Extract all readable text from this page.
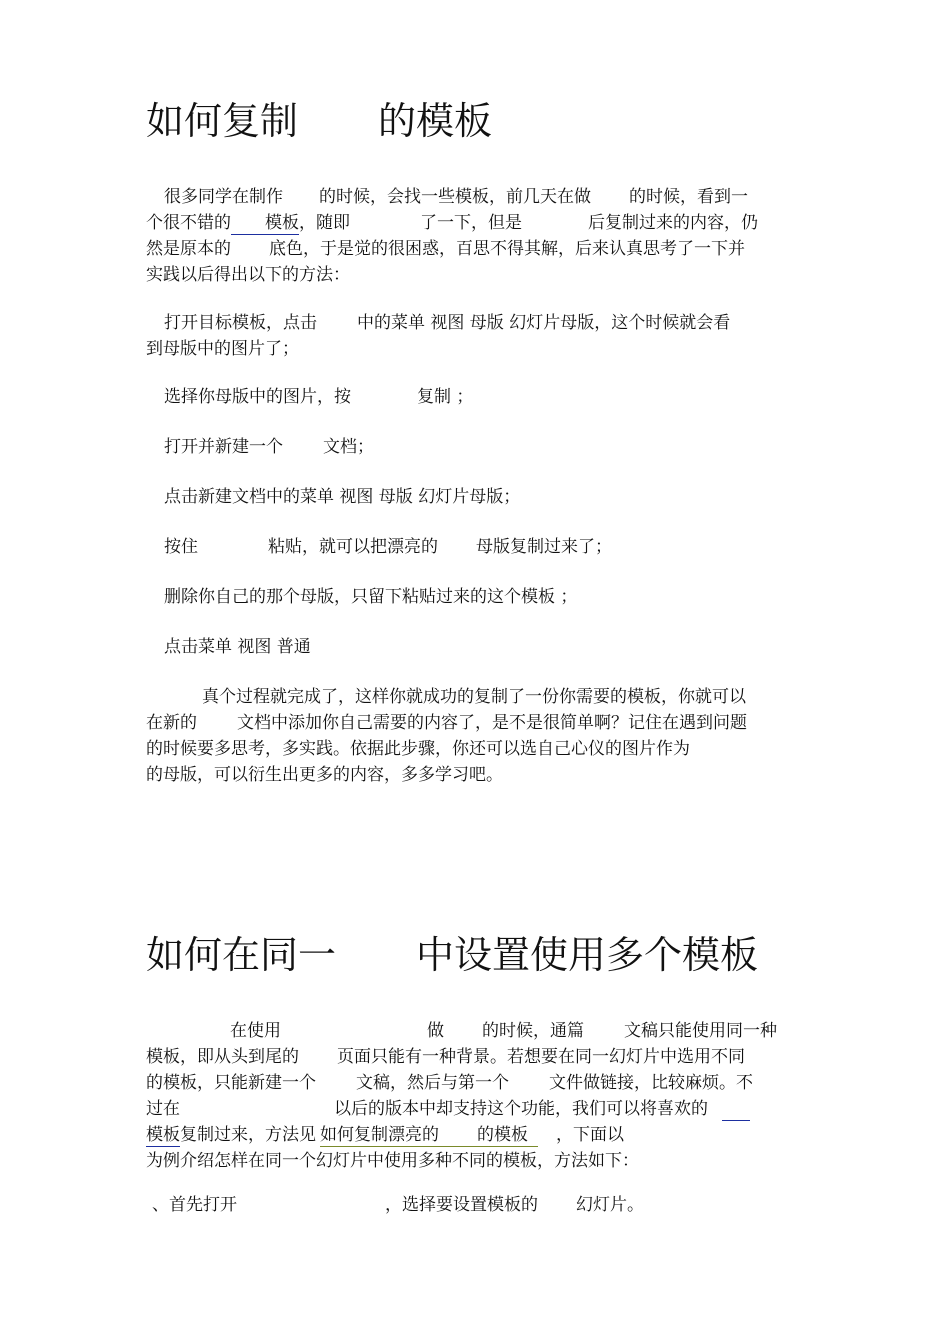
如何复制 的模板
很多同学在制作 的时候，会找一些模板，前几天在做 的时候，看到一
个很不错的 模板，随即	了一下，但是	后复制过来的内容，仍
然是原本的 底色，于是觉的很困惑，百思不得其解，后来认真思考了一下并
实践以后得出以下的方法：
打开目标模板，点击 中的菜单 视图 母版 幻灯片母版，这个时候就会看
到母版中的图片了；
选择你母版中的图片，按	复制 ；
打开并新建一个 文档；
点击新建文档中的菜单 视图 母版 幻灯片母版；
按住	粘贴，就可以把漂亮的 母版复制过来了；
删除你自己的那个母版，只留下粘贴过来的这个模板 ；
点击菜单 视图 普通
真个过程就完成了，这样你就成功的复制了一份你需要的模板，你就可以
在新的 文档中添加你自己需要的内容了，是不是很简单啊？记住在遇到问题
的时候要多思考，多实践。依据此步骤，你还可以选自己心仪的图片作为
的母版，可以衍生出更多的内容，多多学习吧。
如何在同一 中设置使用多个模板
在使用	做 的时候，通篇 文稿只能使用同一种
模板，即从头到尾的 页面只能有一种背景。若想要在同一幻灯片中选用不同
的模板，只能新建一个 文稿，然后与第一个 文件做链接，比较麻烦。不
过在	以后的版本中却支持这个功能，我们可以将喜欢的
模板复制过来，方法见 如何复制漂亮的 的模板 ，下面以
为例介绍怎样在同一个幻灯片中使用多种不同的模板，方法如下：
、首先打开	，选择要设置模板的 幻灯片。
